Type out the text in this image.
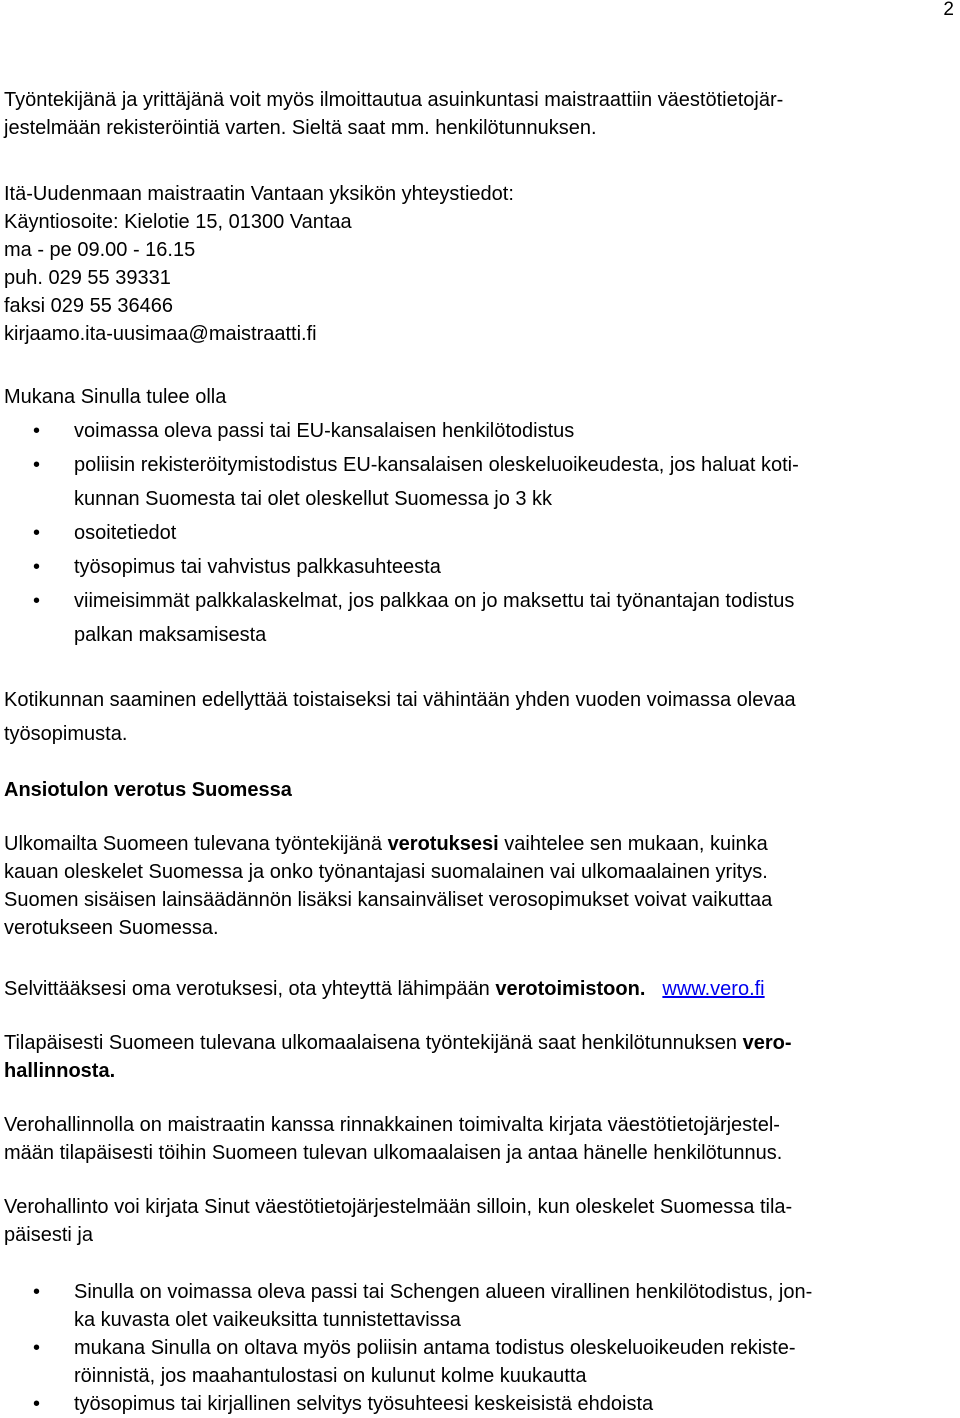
2

Työntekijänä ja yrittäjänä voit myös ilmoittautua asuinkuntasi maistraattiin väestötietojär-
jestelmään rekisteröintiä varten. Sieltä saat mm. henkilötunnuksen.

Itä-Uudenmaan maistraatin Vantaan yksikön yhteystiedot:
Käyntiosoite: Kielotie 15, 01300 Vantaa
ma - pe 09.00 - 16.15
puh. 029 55 39331
faksi 029 55 36466
kirjaamo.ita-uusimaa@maistraatti.fi

Mukana Sinulla tulee olla

• voimassa oleva passi tai EU-kansalaisen henkilötodistus
• poliisin rekisteröitymistodistus EU-kansalaisen oleskeluoikeudesta, jos haluat koti-
kunnan Suomesta tai olet oleskellut Suomessa jo 3 kk
• osoitetiedot
• työsopimus tai vahvistus palkkasuhteesta
• viimeisimmät palkkalaskelmat, jos palkkaa on jo maksettu tai työnantajan todistus
palkan maksamisesta

Kotikunnan saaminen edellyttää toistaiseksi tai vähintään yhden vuoden voimassa olevaa
työsopimusta.

Ansiotulon verotus Suomessa

Ulkomailta Suomeen tulevana työntekijänä verotuksesi vaihtelee sen mukaan, kuinka
kauan oleskelet Suomessa ja onko työnantajasi suomalainen vai ulkomaalainen yritys.
Suomen sisäisen lainsäädännön lisäksi kansainväliset verosopimukset voivat vaikuttaa
verotukseen Suomessa.

Selvittääksesi oma verotuksesi, ota yhteyttä lähimpään verotoimistoon. www.vero.fi

Tilapäisesti Suomeen tulevana ulkomaalaisena työntekijänä saat henkilötunnuksen vero-
hallinnosta.

Verohallinnolla on maistraatin kanssa rinnakkainen toimivalta kirjata väestötietojärjestel-
mään tilapäisesti töihin Suomeen tulevan ulkomaalaisen ja antaa hänelle henkilötunnus.

Verohallinto voi kirjata Sinut väestötietojärjestelmään silloin, kun oleskelet Suomessa tila-
päisesti ja

• Sinulla on voimassa oleva passi tai Schengen alueen virallinen henkilötodistus, jon-
ka kuvasta olet vaikeuksitta tunnistettavissa
• mukana Sinulla on oltava myös poliisin antama todistus oleskeluoikeuden rekiste-
röinnistä, jos maahantulostasi on kulunut kolme kuukautta
• työsopimus tai kirjallinen selvitys työsuhteesi keskeisistä ehdoista
